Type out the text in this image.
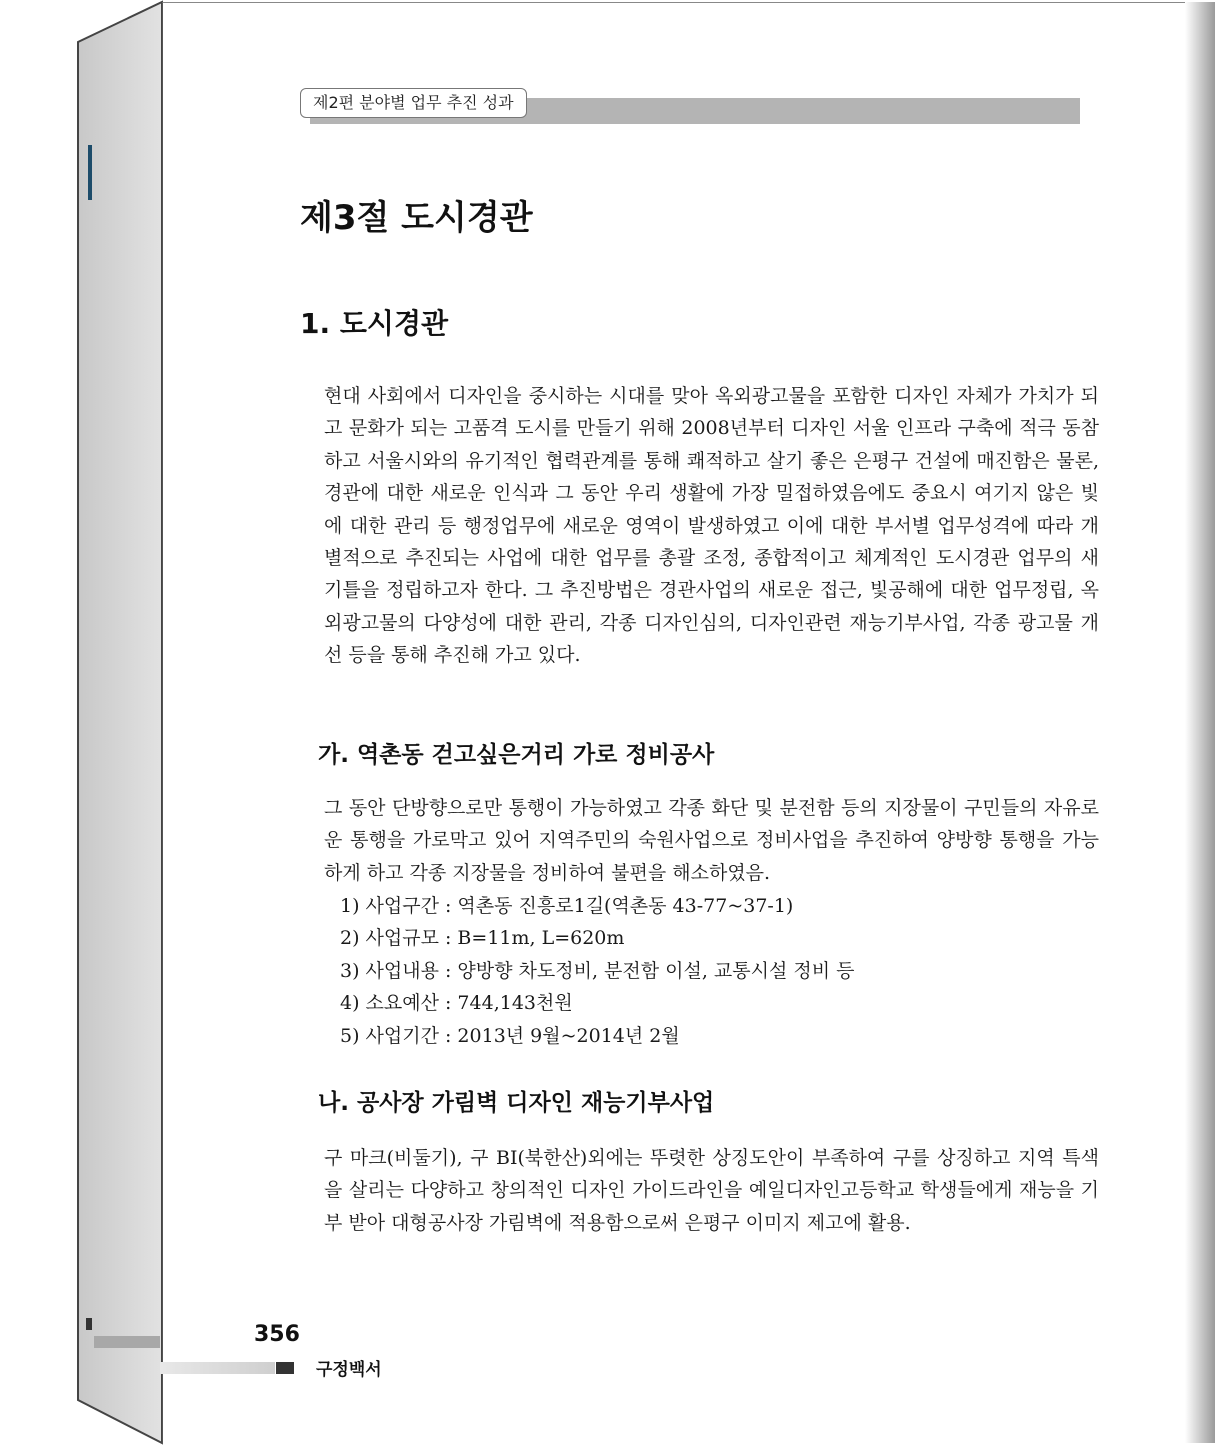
제2편 분야별 업무 추진 성과
제3절 도시경관
1. 도시경관

현대 사회에서 디자인을 중시하는 시대를 맞아 옥외광고물을 포함한 디자인 자체가 가치가 되고 문화가 되는 고품격 도시를 만들기 위해 2008년부터 디자인 서울 인프라 구축에 적극 동참하고 서울시와의 유기적인 협력관계를 통해 쾌적하고 살기 좋은 은평구 건설에 매진함은 물론, 경관에 대한 새로운 인식과 그 동안 우리 생활에 가장 밀접하였음에도 중요시 여기지 않은 빛에 대한 관리 등 행정업무에 새로운 영역이 발생하였고 이에 대한 부서별 업무성격에 따라 개별적으로 추진되는 사업에 대한 업무를 총괄 조정, 종합적이고 체계적인 도시경관 업무의 새 기틀을 정립하고자 한다. 그 추진방법은 경관사업의 새로운 접근, 빛공해에 대한 업무정립, 옥외광고물의 다양성에 대한 관리, 각종 디자인심의, 디자인관련 재능기부사업, 각종 광고물 개선 등을 통해 추진해 가고 있다.

가. 역촌동 걷고싶은거리 가로 정비공사

그 동안 단방향으로만 통행이 가능하였고 각종 화단 및 분전함 등의 지장물이 구민들의 자유로운 통행을 가로막고 있어 지역주민의 숙원사업으로 정비사업을 추진하여 양방향 통행을 가능하게 하고 각종 지장물을 정비하여 불편을 해소하였음.

1) 사업구간 : 역촌동 진흥로1길(역촌동 43-77~37-1)
2) 사업규모 : B=11m, L=620m
3) 사업내용 : 양방향 차도정비, 분전함 이설, 교통시설 정비 등
4) 소요예산 : 744,143천원
5) 사업기간 : 2013년 9월~2014년 2월
나. 공사장 가림벽 디자인 재능기부사업

구 마크(비둘기), 구 BI(북한산)외에는 뚜렷한 상징도안이 부족하여 구를 상징하고 지역 특색을 살리는 다양하고 창의적인 디자인 가이드라인을 예일디자인고등학교 학생들에게 재능을 기부 받아 대형공사장 가림벽에 적용함으로써 은평구 이미지 제고에 활용.

356
구정백서
